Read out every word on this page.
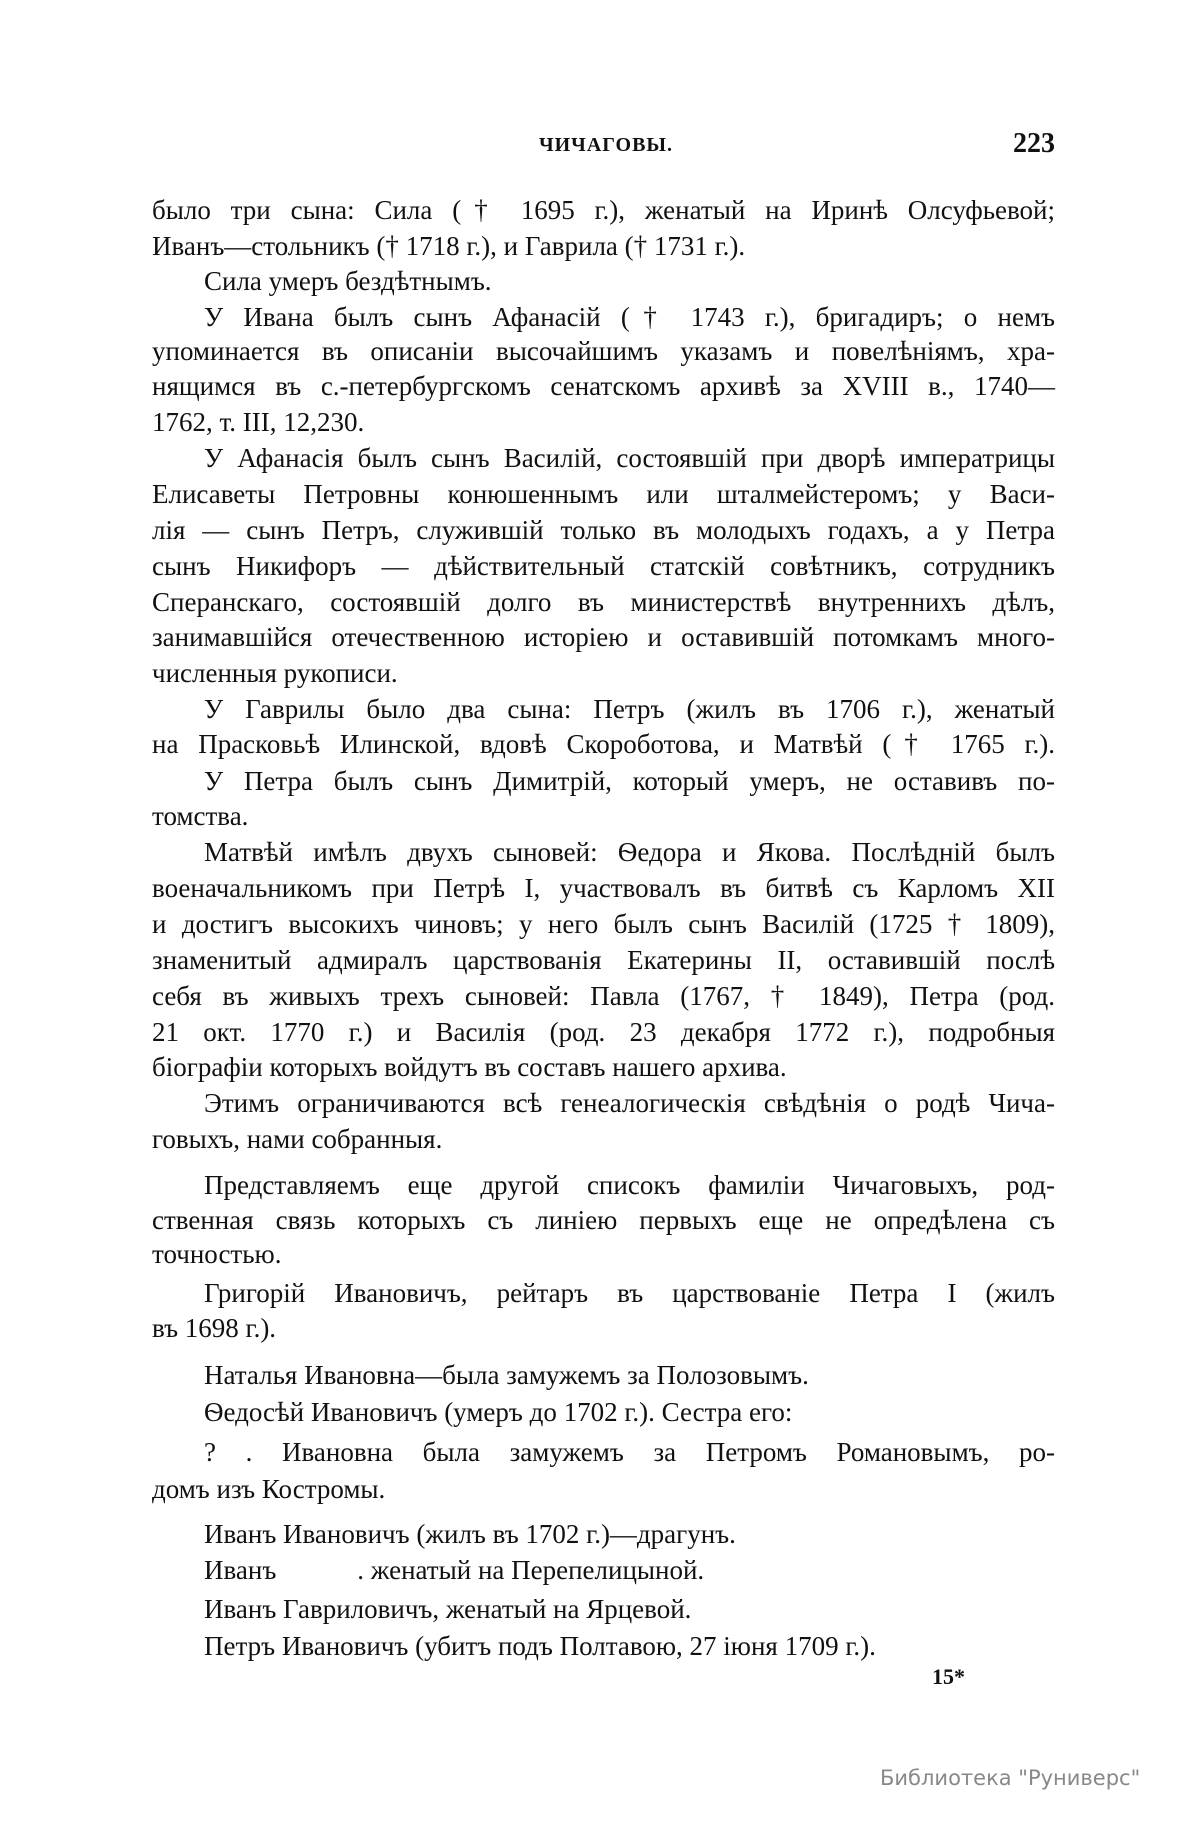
ЧИЧАГОВЫ.	223
было три сына: Сила († 1695 г.), женатый на Иринѣ Олсуфьевой;
Иванъ—стольникъ († 1718 г.), и Гаврила († 1731 г.).
Сила умеръ бездѣтнымъ.
У Ивана былъ сынъ Афанасій († 1743 г.), бригадиръ; о немъ
упоминается въ описаніи высочайшимъ указамъ и повелѣніямъ, хра-
нящимся въ с.-петербургскомъ сенатскомъ архивѣ за XVIII в., 1740—
1762, т. III, 12,230.
У Афанасія былъ сынъ Василій, состоявшій при дворѣ императрицы
Елисаветы Петровны конюшеннымъ или шталмейстеромъ; у Васи-
лія — сынъ Петръ, служившій только въ молодыхъ годахъ, а у Петра
сынъ Никифоръ — дѣйствительный статскій совѣтникъ, сотрудникъ
Сперанскаго, состоявшій долго въ министерствѣ внутреннихъ дѣлъ,
занимавшійся отечественною исторіею и оставившій потомкамъ много-
численныя рукописи.
У Гаврилы было два сына: Петръ (жилъ въ 1706 г.), женатый
на Прасковьѣ Илинской, вдовѣ Скороботова, и Матвѣй († 1765 г.).
У Петра былъ сынъ Димитрій, который умеръ, не оставивъ по-
томства.
Матвѣй имѣлъ двухъ сыновей: Ѳедора и Якова. Послѣдній былъ
военачальникомъ при Петрѣ I, участвовалъ въ битвѣ съ Карломъ XII
и достигъ высокихъ чиновъ; у него былъ сынъ Василій (1725 † 1809),
знаменитый адмиралъ царствованія Екатерины II, оставившій послѣ
себя въ живыхъ трехъ сыновей: Павла (1767, † 1849), Петра (род.
21 окт. 1770 г.) и Василія (род. 23 декабря 1772 г.), подробныя
біографіи которыхъ войдутъ въ составъ нашего архива.
Этимъ ограничиваются всѣ генеалогическія свѣдѣнія о родѣ Чича-
говыхъ, нами собранныя.
Представляемъ еще другой списокъ фамиліи Чичаговыхъ, род-
ственная связь которыхъ съ линіею первыхъ еще не опредѣлена съ
точностью.
Григорій Ивановичъ, рейтаръ въ царствованіе Петра I (жилъ
въ 1698 г.).
Наталья Ивановна—была замужемъ за Полозовымъ.
Ѳедосѣй Ивановичъ (умеръ до 1702 г.). Сестра его:
? . Ивановна была замужемъ за Петромъ Романовымъ, ро-
домъ изъ Костромы.
Иванъ Ивановичъ (жилъ въ 1702 г.)—драгунъ.
Иванъ            . женатый на Перепелицыной.
Иванъ Гавриловичъ, женатый на Ярцевой.
Петръ Ивановичъ (убитъ подъ Полтавою, 27 іюня 1709 г.).
15*
Библиотека "Руниверс"
